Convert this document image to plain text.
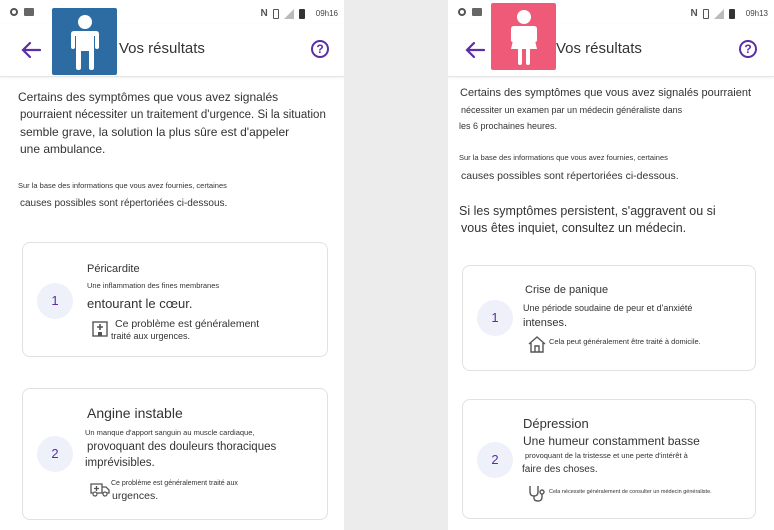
N	09h16
Vos résultats	?
Certains des symptômes que vous avez signalés
pourraient nécessiter un traitement d'urgence. Si la situation
semble grave, la solution la plus sûre est d'appeler
une ambulance.
Sur la base des informations que vous avez fournies, certaines
causes possibles sont répertoriées ci-dessous.
1
Péricardite
Une inflammation des fines membranes
entourant le cœur.
Ce problème est généralement
traité aux urgences.
2
Angine instable
Un manque d'apport sanguin au muscle cardiaque,
provoquant des douleurs thoraciques
imprévisibles.
Ce problème est généralement traité aux
urgences.
N	09h13
Vos résultats	?
Certains des symptômes que vous avez signalés pourraient
nécessiter un examen par un médecin généraliste dans
les 6 prochaines heures.
Sur la base des informations que vous avez fournies, certaines
causes possibles sont répertoriées ci-dessous.
Si les symptômes persistent, s'aggravent ou si
vous êtes inquiet, consultez un médecin.
1
Crise de panique
Une période soudaine de peur et d'anxiété
intenses.
Cela peut généralement être traité à domicile.
2
Dépression
Une humeur constamment basse
provoquant de la tristesse et une perte d'intérêt à
faire des choses.
Cela nécessite généralement de consulter un médecin généraliste.
